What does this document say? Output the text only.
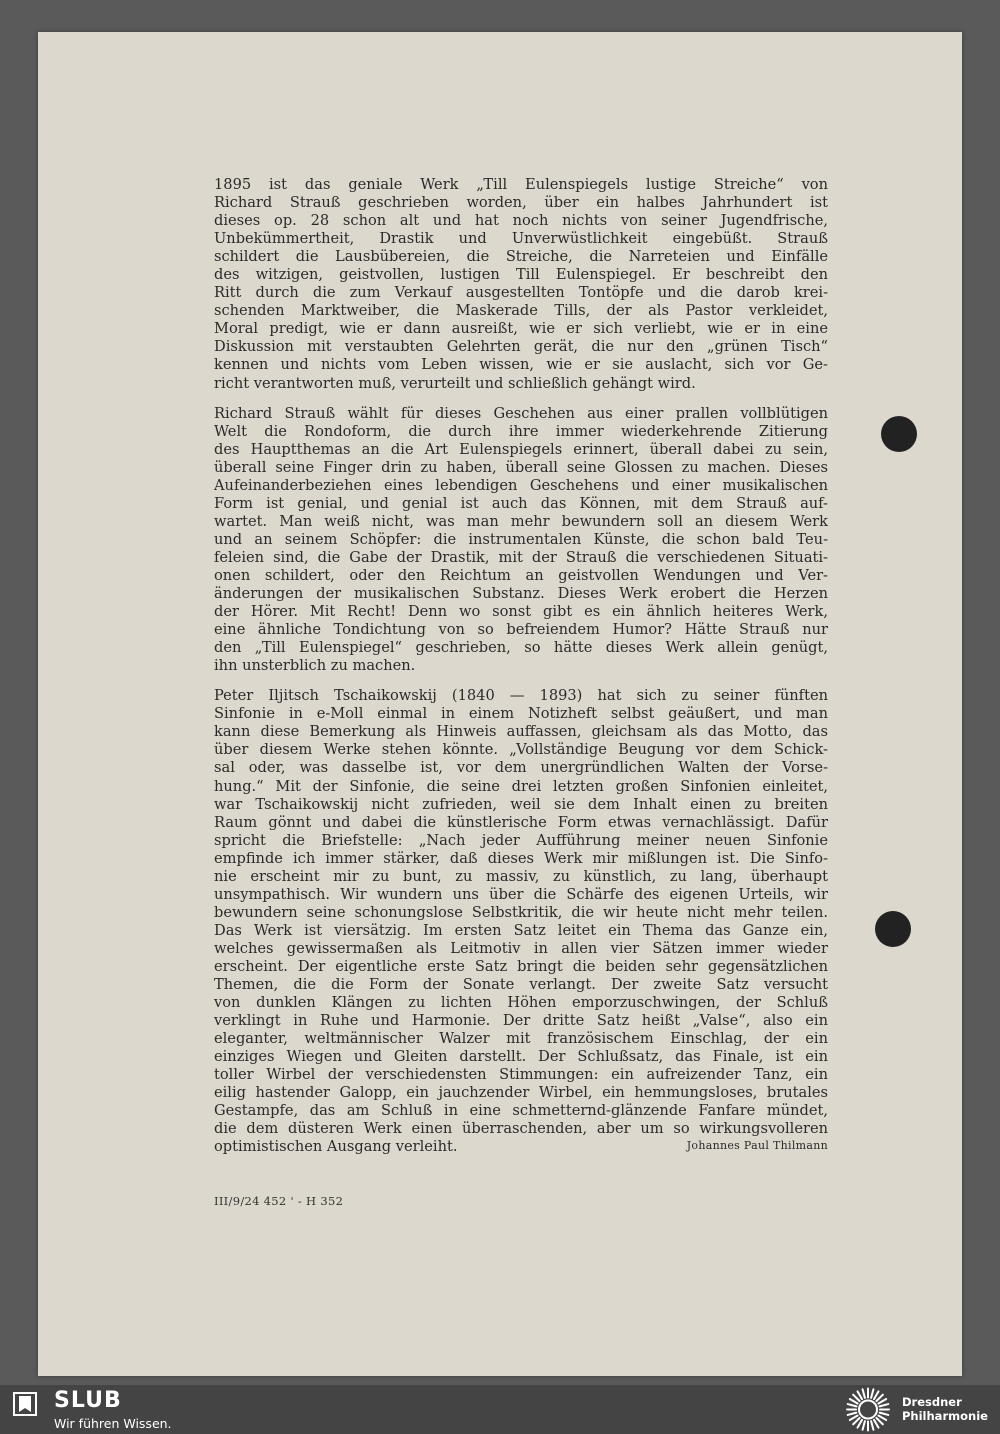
1895 ist das geniale Werk „Till Eulenspiegels lustige Streiche“ von
Richard Strauß geschrieben worden, über ein halbes Jahrhundert ist
dieses op. 28 schon alt und hat noch nichts von seiner Jugendfrische,
Unbekümmertheit, Drastik und Unverwüstlichkeit eingebüßt. Strauß
schildert die Lausbübereien, die Streiche, die Narreteien und Einfälle
des witzigen, geistvollen, lustigen Till Eulenspiegel. Er beschreibt den
Ritt durch die zum Verkauf ausgestellten Tontöpfe und die darob krei-
schenden Marktweiber, die Maskerade Tills, der als Pastor verkleidet,
Moral predigt, wie er dann ausreißt, wie er sich verliebt, wie er in eine
Diskussion mit verstaubten Gelehrten gerät, die nur den „grünen Tisch“
kennen und nichts vom Leben wissen, wie er sie auslacht, sich vor Ge-
richt verantworten muß, verurteilt und schließlich gehängt wird.

Richard Strauß wählt für dieses Geschehen aus einer prallen vollblütigen
Welt die Rondoform, die durch ihre immer wiederkehrende Zitierung
des Hauptthemas an die Art Eulenspiegels erinnert, überall dabei zu sein,
überall seine Finger drin zu haben, überall seine Glossen zu machen. Dieses
Aufeinanderbeziehen eines lebendigen Geschehens und einer musikalischen
Form ist genial, und genial ist auch das Können, mit dem Strauß auf-
wartet. Man weiß nicht, was man mehr bewundern soll an diesem Werk
und an seinem Schöpfer: die instrumentalen Künste, die schon bald Teu-
feleien sind, die Gabe der Drastik, mit der Strauß die verschiedenen Situati-
onen schildert, oder den Reichtum an geistvollen Wendungen und Ver-
änderungen der musikalischen Substanz. Dieses Werk erobert die Herzen
der Hörer. Mit Recht! Denn wo sonst gibt es ein ähnlich heiteres Werk,
eine ähnliche Tondichtung von so befreiendem Humor? Hätte Strauß nur
den „Till Eulenspiegel“ geschrieben, so hätte dieses Werk allein genügt,
ihn unsterblich zu machen.

Peter Iljitsch Tschaikowskij (1840 — 1893) hat sich zu seiner fünften
Sinfonie in e-Moll einmal in einem Notizheft selbst geäußert, und man
kann diese Bemerkung als Hinweis auffassen, gleichsam als das Motto, das
über diesem Werke stehen könnte. „Vollständige Beugung vor dem Schick-
sal oder, was dasselbe ist, vor dem unergründlichen Walten der Vorse-
hung.“ Mit der Sinfonie, die seine drei letzten großen Sinfonien einleitet,
war Tschaikowskij nicht zufrieden, weil sie dem Inhalt einen zu breiten
Raum gönnt und dabei die künstlerische Form etwas vernachlässigt. Dafür
spricht die Briefstelle: „Nach jeder Aufführung meiner neuen Sinfonie
empfinde ich immer stärker, daß dieses Werk mir mißlungen ist. Die Sinfo-
nie erscheint mir zu bunt, zu massiv, zu künstlich, zu lang, überhaupt
unsympathisch. Wir wundern uns über die Schärfe des eigenen Urteils, wir
bewundern seine schonungslose Selbstkritik, die wir heute nicht mehr teilen.
Das Werk ist viersätzig. Im ersten Satz leitet ein Thema das Ganze ein,
welches gewissermaßen als Leitmotiv in allen vier Sätzen immer wieder
erscheint. Der eigentliche erste Satz bringt die beiden sehr gegensätzlichen
Themen, die die Form der Sonate verlangt. Der zweite Satz versucht
von dunklen Klängen zu lichten Höhen emporzuschwingen, der Schluß
verklingt in Ruhe und Harmonie. Der dritte Satz heißt „Valse“, also ein
eleganter, weltmännischer Walzer mit französischem Einschlag, der ein
einziges Wiegen und Gleiten darstellt. Der Schlußsatz, das Finale, ist ein
toller Wirbel der verschiedensten Stimmungen: ein aufreizender Tanz, ein
eilig hastender Galopp, ein jauchzender Wirbel, ein hemmungsloses, brutales
Gestampfe, das am Schluß in eine schmetternd-glänzende Fanfare mündet,
die dem düsteren Werk einen überraschenden, aber um so wirkungsvolleren
optimistischen Ausgang verleiht.	Johannes Paul Thilmann

III/9/24 452 ' - H 352
SLUB
Wir führen Wissen.
Dresdner
Philharmonie
